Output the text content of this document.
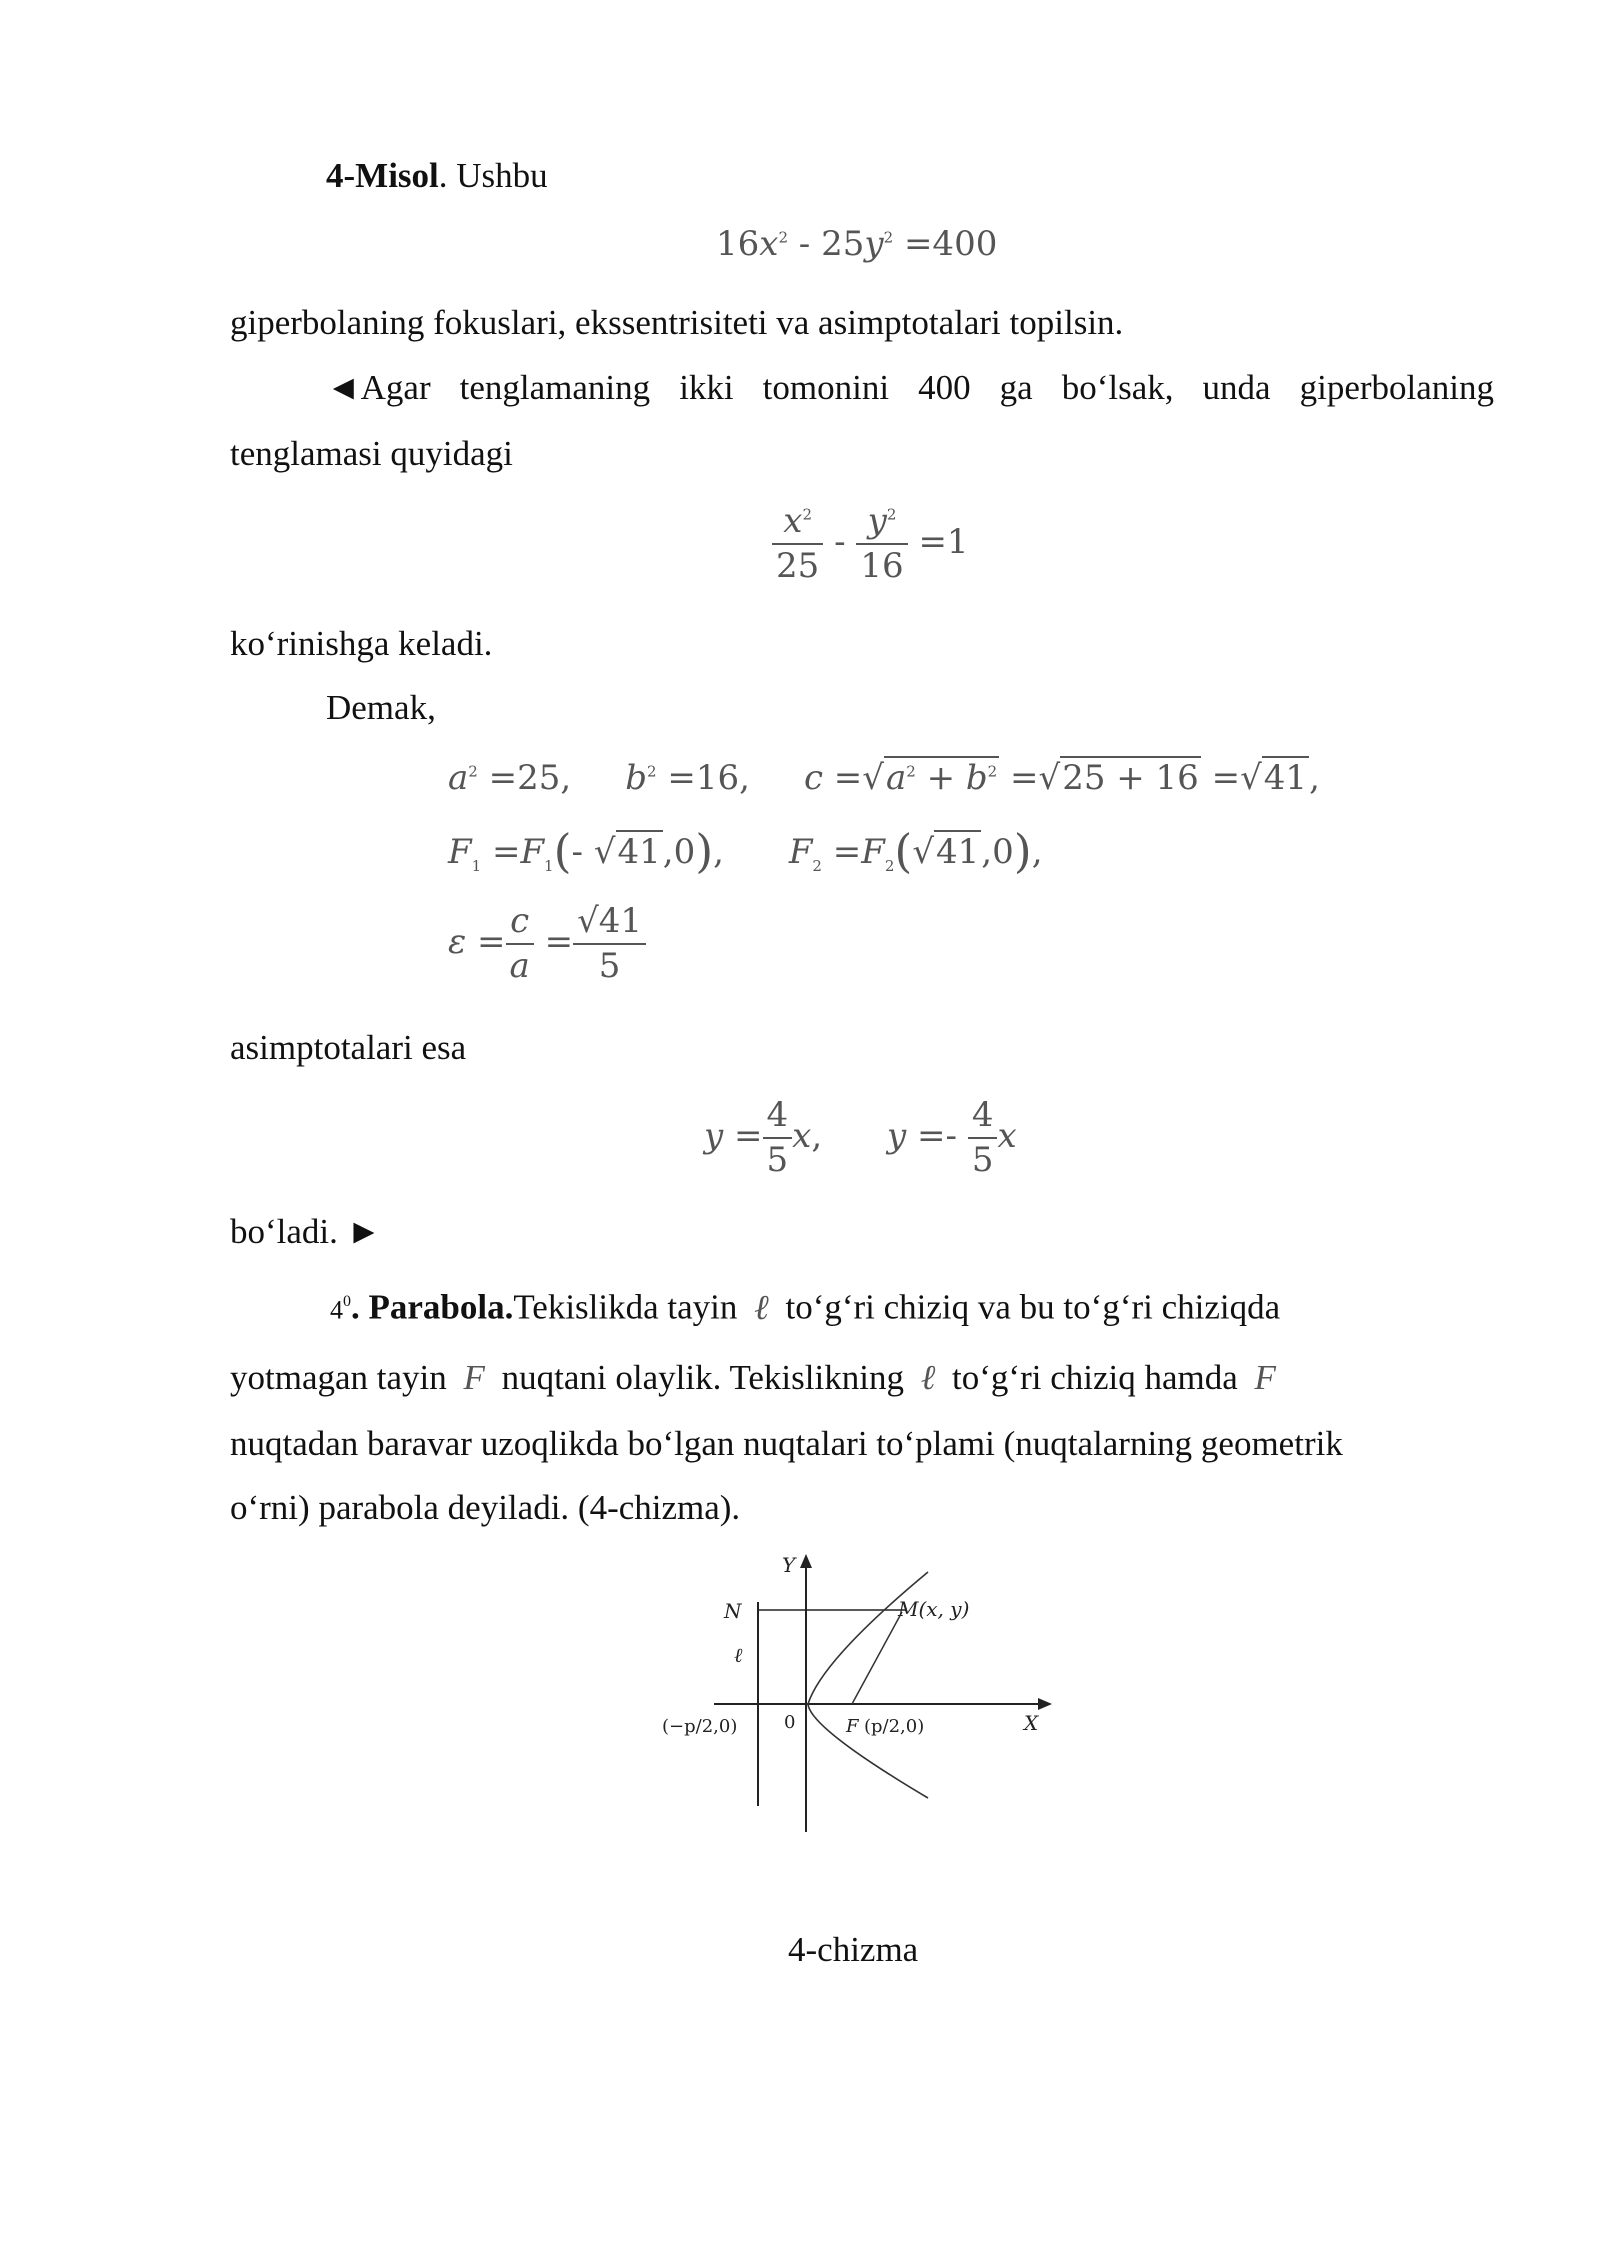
4-Misol. Ushbu
$16x^2 - 25y^2 =400$
giperbolaning fokuslari, ekssentrisiteti va asimptotalari topilsin.
◄Agar tenglamaning ikki tomonini 400 ga bo‘lsak, unda giperbolaning
tenglamasi quyidagi
$\frac{x^2}{25} - \frac{y^2}{16} =1$
ko‘rinishga keladi.
Demak,
$a^2 =25$,     $b^2 =16$,     $c =√a^2 + b^2 =√25 + 16 =√41$,
$F_1 =F_1(-$ √41,0),      $F_2 =F_2(√41,0)$,
$\varepsilon = \frac{c}{a} = \frac{√41}{5}$
asimptotalari esa
$y = \frac{4}{5} x$,      $y =- \frac{4}{5}$ x
bo‘ladi. ►
$4^0$. Parabola.Tekislikda tayin ℓ to‘g‘ri chiziq va bu to‘g‘ri chiziqda
yotmagan tayin F nuqtani olaylik. Tekislikning ℓ to‘g‘ri chiziq hamda F
nuqtadan baravar uzoqlikda bo‘lgan nuqtalari to‘plami (nuqtalarning geometrik
o‘rni) parabola deyiladi. (4-chizma).
Y
X
N
ℓ
0
M(x, y)
F
(−p/2,0)	(p/2,0)
4-chizma
